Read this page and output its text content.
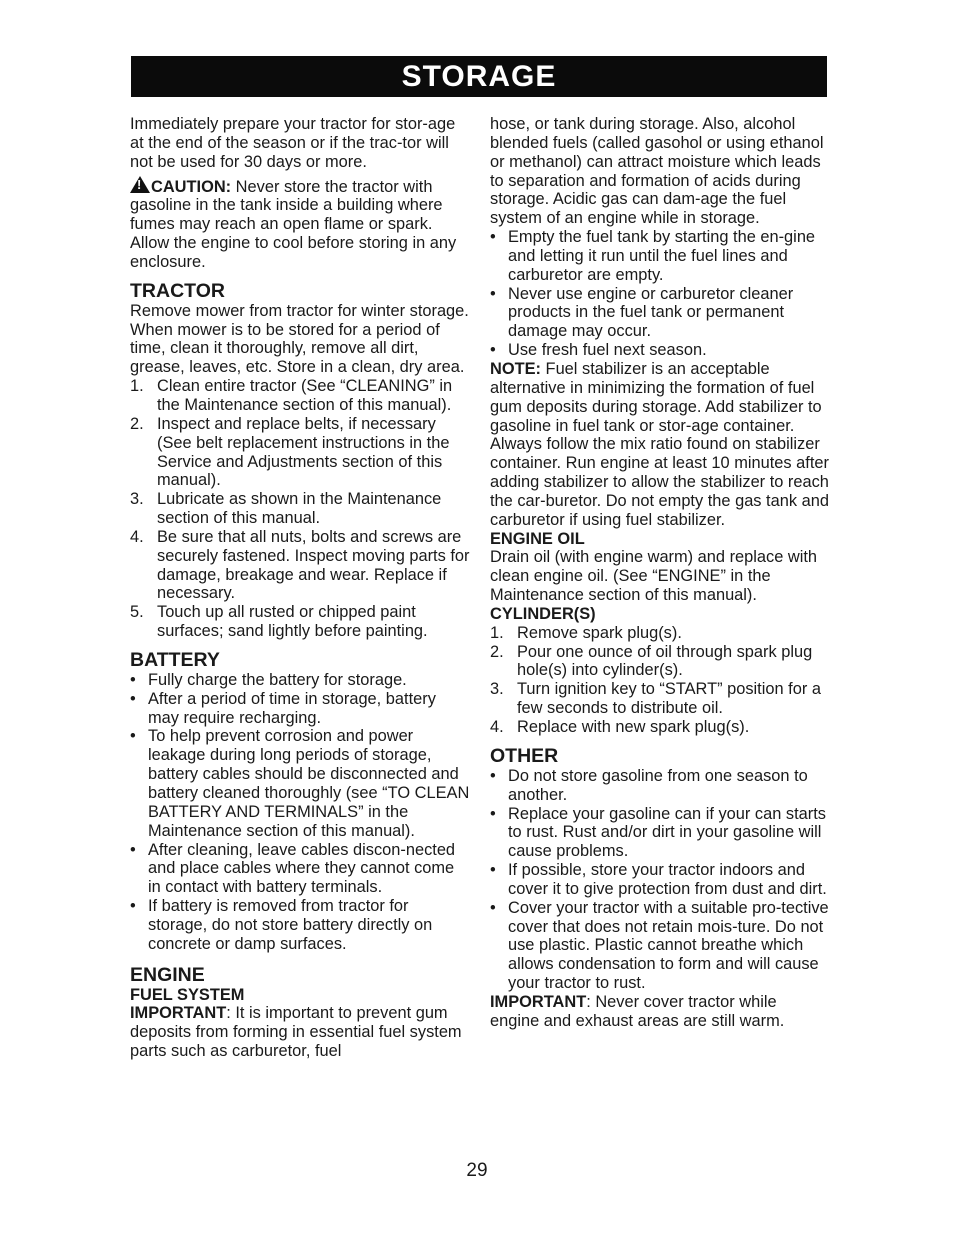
STORAGE

Immediately prepare your tractor for stor-age at the end of the season or if the trac-tor will not be used for 30 days or more.

!CAUTION: Never store the tractor with gasoline in the tank inside a building where fumes may reach an open flame or spark. Allow the engine to cool before storing in any enclosure.

TRACTOR

Remove mower from tractor for winter storage. When mower is to be stored for a period of time, clean it thoroughly, remove all dirt, grease, leaves, etc. Store in a clean, dry area.

1. Clean entire tractor (See “CLEANING” in the Maintenance section of this manual).
2. Inspect and replace belts, if necessary (See belt replacement instructions in the Service and Adjustments section of this manual).
3. Lubricate as shown in the Maintenance section of this manual.
4. Be sure that all nuts, bolts and screws are securely fastened. Inspect moving parts for damage, breakage and wear. Replace if necessary.
5. Touch up all rusted or chipped paint surfaces; sand lightly before painting.

BATTERY

• Fully charge the battery for storage.
• After a period of time in storage, battery may require recharging.
• To help prevent corrosion and power leakage during long periods of storage, battery cables should be disconnected and battery cleaned thoroughly (see “TO CLEAN BATTERY AND TERMINALS” in the Maintenance section of this manual).
• After cleaning, leave cables discon-nected and place cables where they cannot come in contact with battery terminals.
• If battery is removed from tractor for storage, do not store battery directly on concrete or damp surfaces.

ENGINE

FUEL SYSTEM

IMPORTANT: It is important to prevent gum deposits from forming in essential fuel system parts such as carburetor, fuel

hose, or tank during storage. Also, alcohol blended fuels (called gasohol or using ethanol or methanol) can attract moisture which leads to separation and formation of acids during storage. Acidic gas can dam-age the fuel system of an engine while in storage.

• Empty the fuel tank by starting the en-gine and letting it run until the fuel lines and carburetor are empty.
• Never use engine or carburetor cleaner products in the fuel tank or permanent damage may occur.
• Use fresh fuel next season.

NOTE: Fuel stabilizer is an acceptable alternative in minimizing the formation of fuel gum deposits during storage. Add stabilizer to gasoline in fuel tank or stor-age container. Always follow the mix ratio found on stabilizer container. Run engine at least 10 minutes after adding stabilizer to allow the stabilizer to reach the car-buretor. Do not empty the gas tank and carburetor if using fuel stabilizer.

ENGINE OIL

Drain oil (with engine warm) and replace with clean engine oil. (See “ENGINE” in the Maintenance section of this manual).

CYLINDER(S)

1. Remove spark plug(s).
2. Pour one ounce of oil through spark plug hole(s) into cylinder(s).
3. Turn ignition key to “START” position for a few seconds to distribute oil.
4. Replace with new spark plug(s).

OTHER

• Do not store gasoline from one season to another.
• Replace your gasoline can if your can starts to rust. Rust and/or dirt in your gasoline will cause problems.
• If possible, store your tractor indoors and cover it to give protection from dust and dirt.
• Cover your tractor with a suitable pro-tective cover that does not retain mois-ture. Do not use plastic. Plastic cannot breathe which allows condensation to form and will cause your tractor to rust.

IMPORTANT: Never cover tractor while engine and exhaust areas are still warm.

29
